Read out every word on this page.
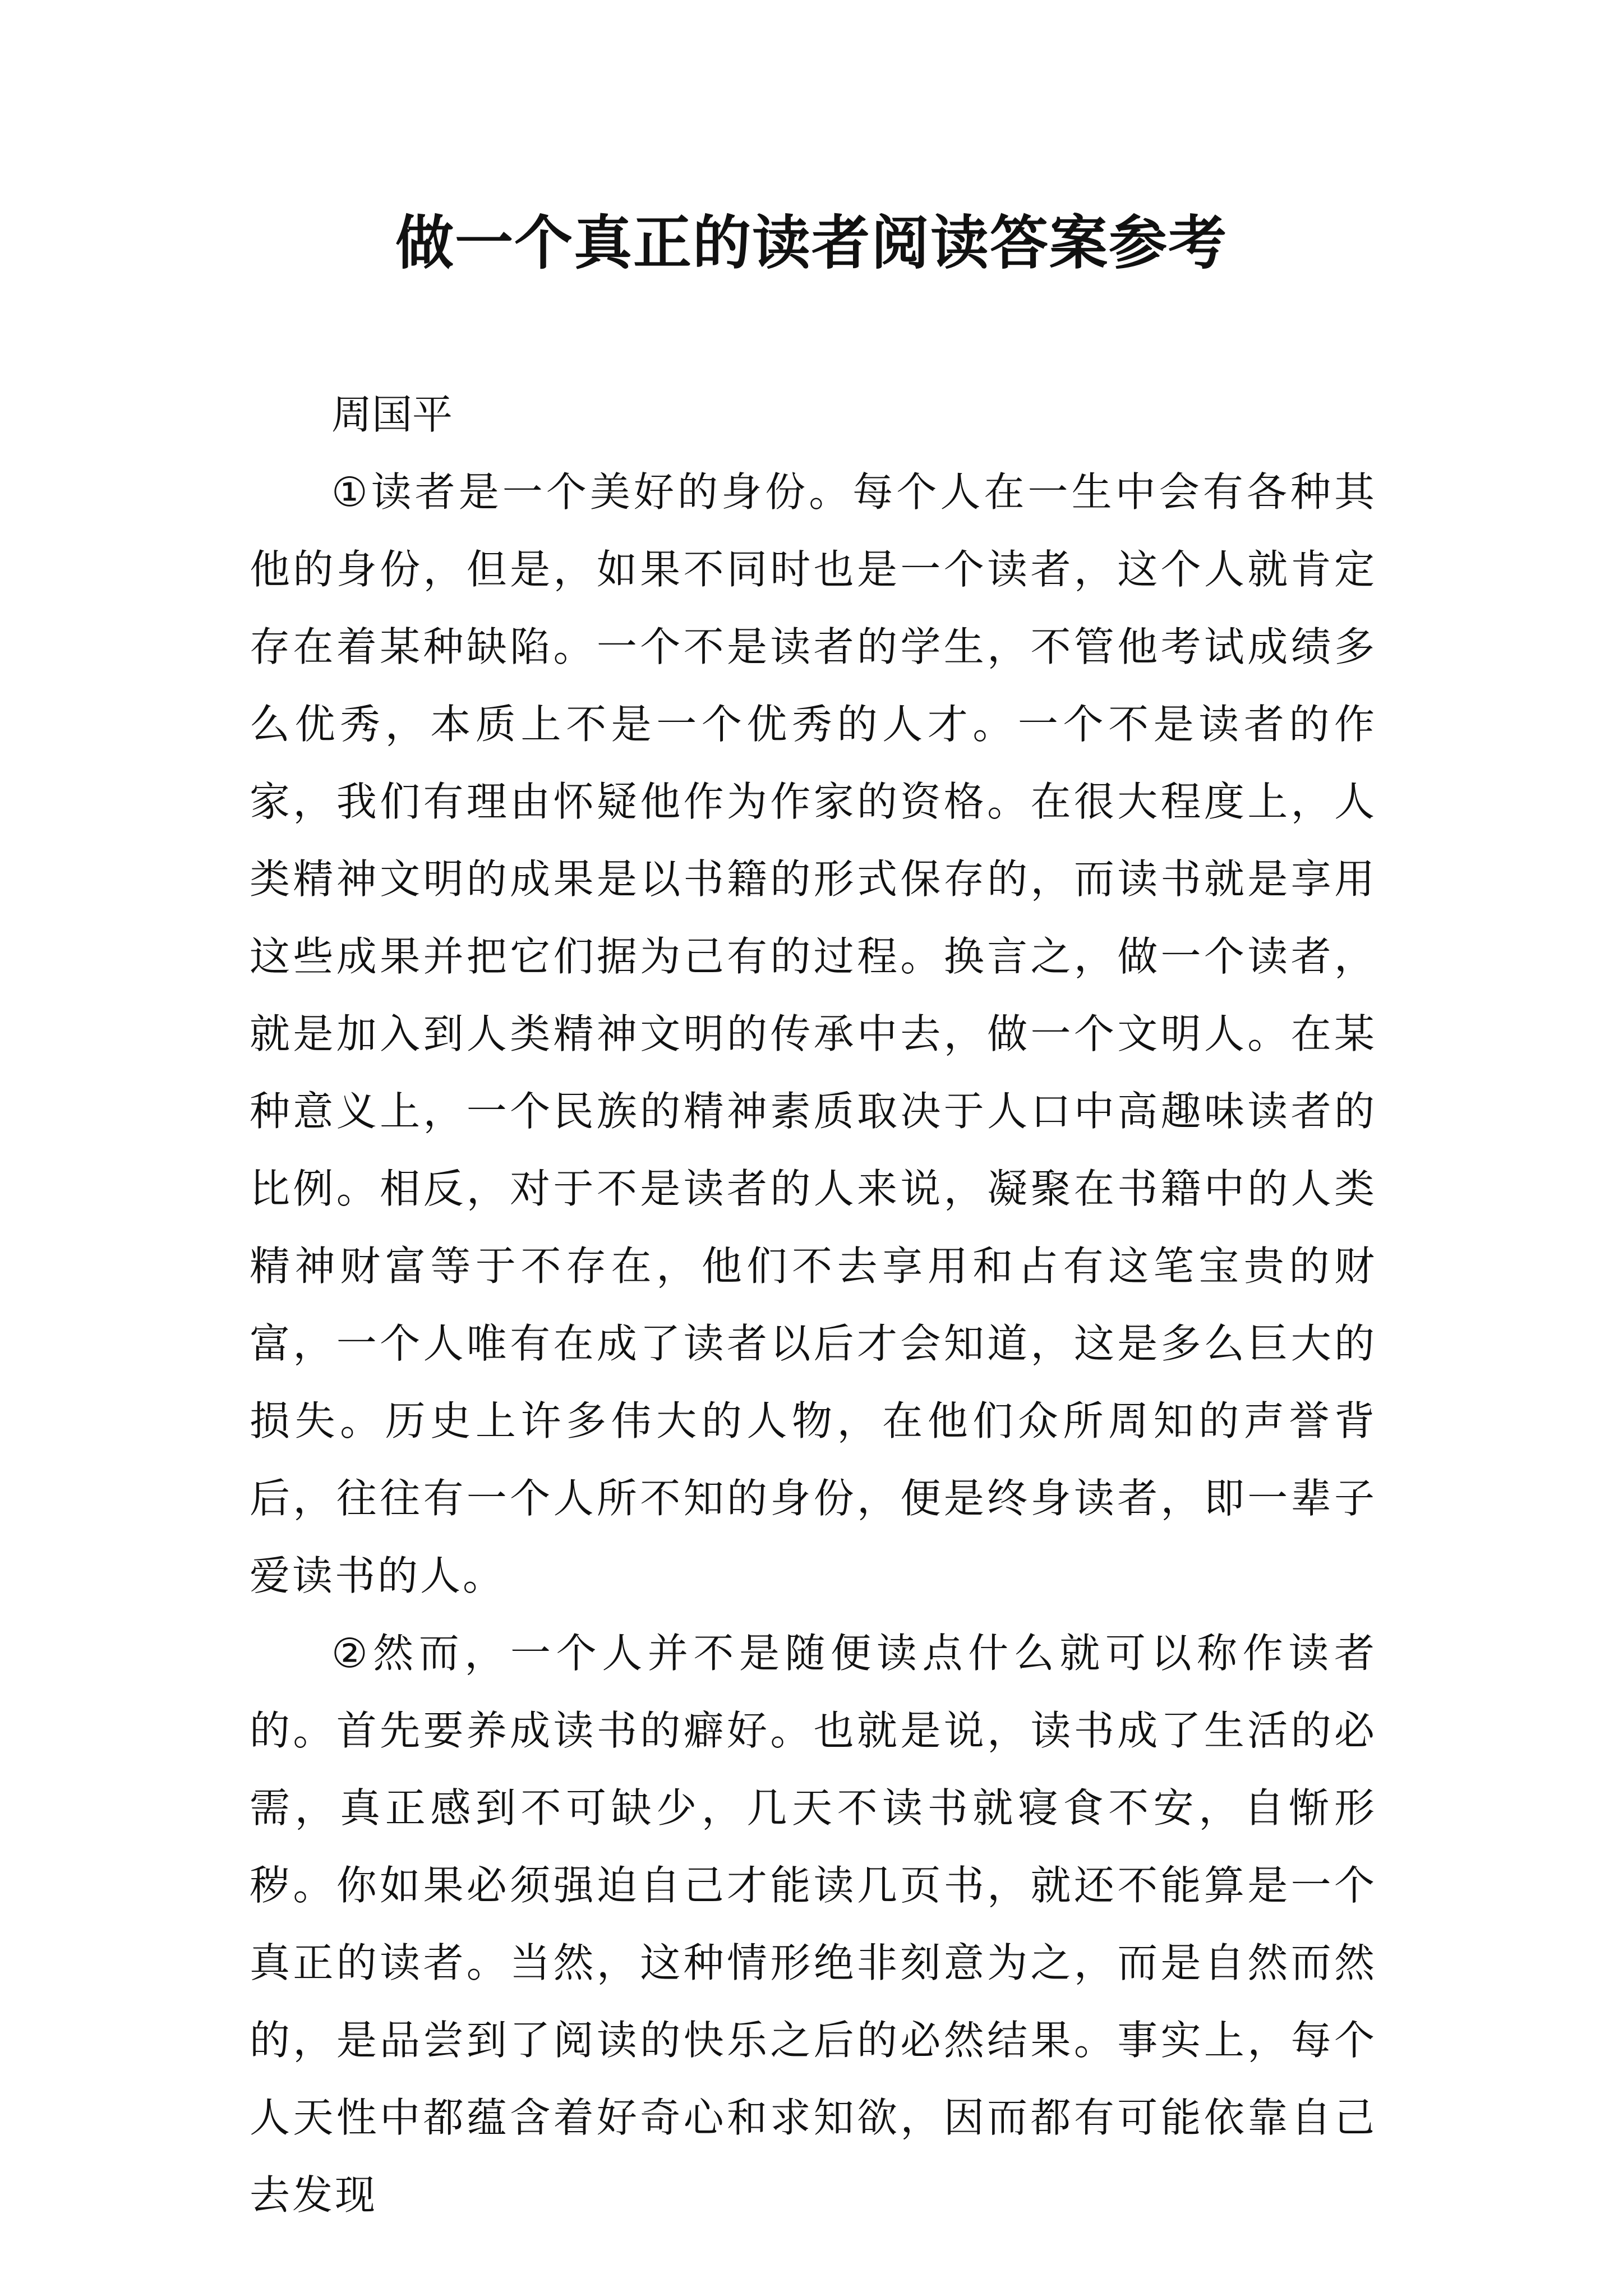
做一个真正的读者阅读答案参考

周国平

①读者是一个美好的身份。每个人在一生中会有各种其他的身份，但是，如果不同时也是一个读者，这个人就肯定存在着某种缺陷。一个不是读者的学生，不管他考试成绩多么优秀，本质上不是一个优秀的人才。一个不是读者的作家，我们有理由怀疑他作为作家的资格。在很大程度上，人类精神文明的成果是以书籍的形式保存的，而读书就是享用这些成果并把它们据为己有的过程。换言之，做一个读者，就是加入到人类精神文明的传承中去，做一个文明人。在某种意义上，一个民族的精神素质取决于人口中高趣味读者的比例。相反，对于不是读者的人来说，凝聚在书籍中的人类精神财富等于不存在，他们不去享用和占有这笔宝贵的财富，一个人唯有在成了读者以后才会知道，这是多么巨大的损失。历史上许多伟大的人物，在他们众所周知的声誉背后，往往有一个人所不知的身份，便是终身读者，即一辈子爱读书的人。

②然而，一个人并不是随便读点什么就可以称作读者的。首先要养成读书的癖好。也就是说，读书成了生活的必需，真正感到不可缺少，几天不读书就寝食不安，自惭形秽。你如果必须强迫自己才能读几页书，就还不能算是一个真正的读者。当然，这种情形绝非刻意为之，而是自然而然的，是品尝到了阅读的快乐之后的必然结果。事实上，每个人天性中都蕴含着好奇心和求知欲，因而都有可能依靠自己去发现
